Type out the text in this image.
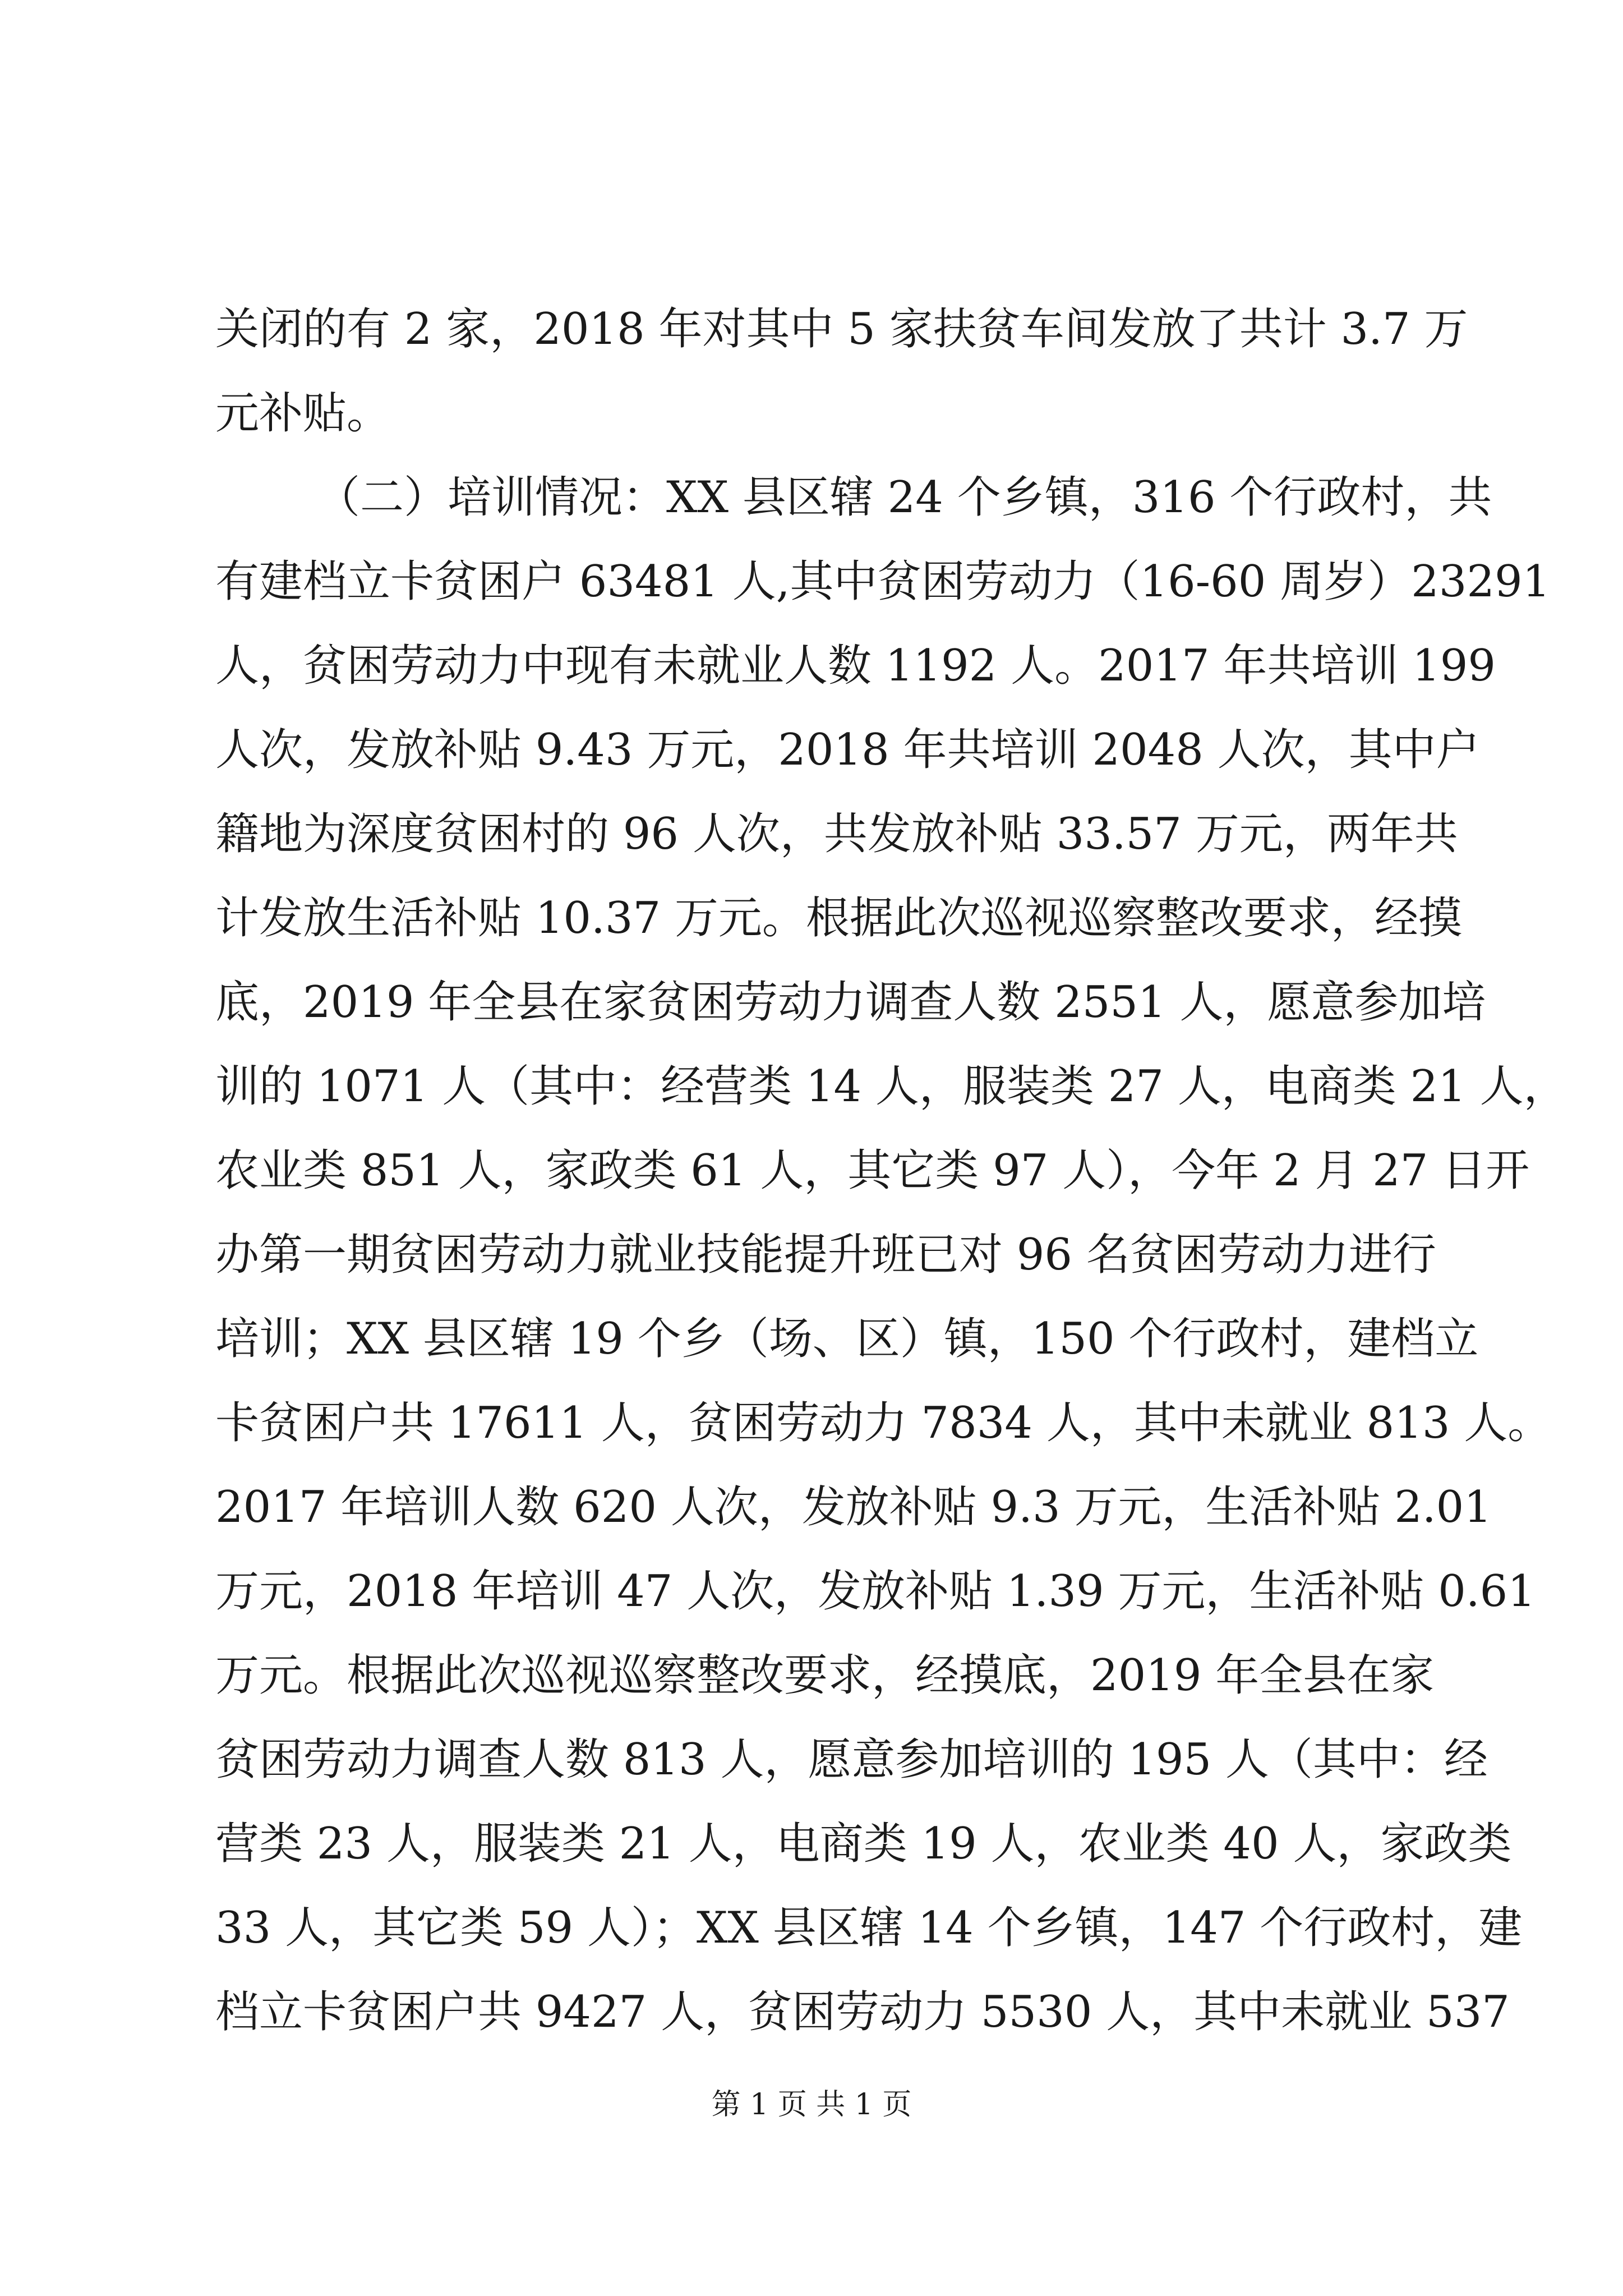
关闭的有 2 家，2018 年对其中 5 家扶贫车间发放了共计 3.7 万
元补贴。
（二）培训情况：XX 县区辖 24 个乡镇，316 个行政村，共
有建档立卡贫困户 63481 人,其中贫困劳动力（16-60 周岁）23291
人，贫困劳动力中现有未就业人数 1192 人。2017 年共培训 199
人次，发放补贴 9.43 万元，2018 年共培训 2048 人次，其中户
籍地为深度贫困村的 96 人次，共发放补贴 33.57 万元，两年共
计发放生活补贴 10.37 万元。根据此次巡视巡察整改要求，经摸
底，2019 年全县在家贫困劳动力调查人数 2551 人，愿意参加培
训的 1071 人（其中：经营类 14 人，服装类 27 人，电商类 21 人，
农业类 851 人，家政类 61 人，其它类 97 人），今年 2 月 27 日开
办第一期贫困劳动力就业技能提升班已对 96 名贫困劳动力进行
培训；XX 县区辖 19 个乡（场、区）镇，150 个行政村，建档立
卡贫困户共 17611 人，贫困劳动力 7834 人，其中未就业 813 人。
2017 年培训人数 620 人次，发放补贴 9.3 万元，生活补贴 2.01
万元，2018 年培训 47 人次，发放补贴 1.39 万元，生活补贴 0.61
万元。根据此次巡视巡察整改要求，经摸底，2019 年全县在家
贫困劳动力调查人数 813 人，愿意参加培训的 195 人（其中：经
营类 23 人，服装类 21 人，电商类 19 人，农业类 40 人，家政类
33 人，其它类 59 人）；XX 县区辖 14 个乡镇，147 个行政村，建
档立卡贫困户共 9427 人，贫困劳动力 5530 人，其中未就业 537
第 1 页 共 1 页
